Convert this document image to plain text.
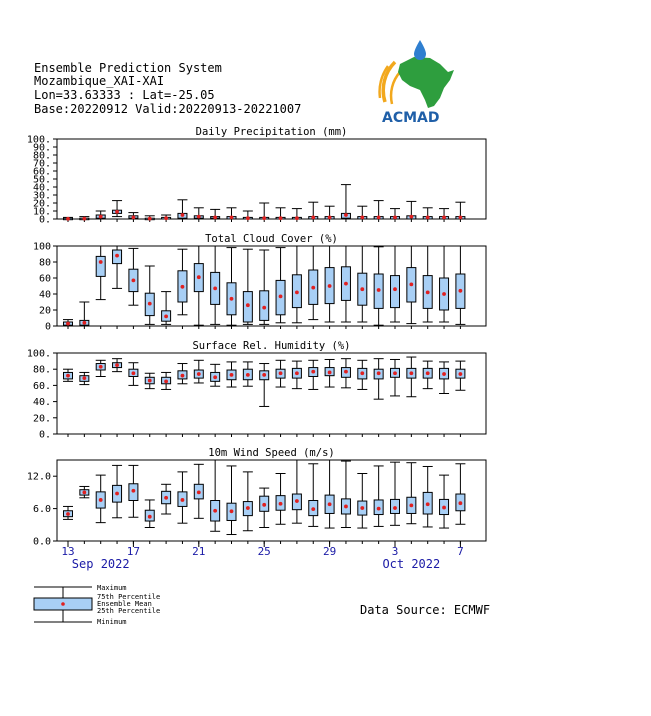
Ensemble Prediction System
Mozambique_XAI-XAI
Lon=33.63333 : Lat=-25.05
Base:20220912 Valid:20220913-20221007
ACMAD
Daily Precipitation (mm)
0.
10.
20.
30.
40.
50.
60.
70.
80.
90.
100.
Total Cloud Cover (%)
0
20
40
60
80
100
Surface Rel. Humidity (%)
0.
20.
40.
60.
80.
100.
10m Wind Speed (m/s)
0.0
6.0
12.0
13	17	21	25	29	3	7
Sep 2022	Oct 2022
Maximum
75th Percentile
Ensemble Mean
25th Percentile
Minimum
Data Source: ECMWF
